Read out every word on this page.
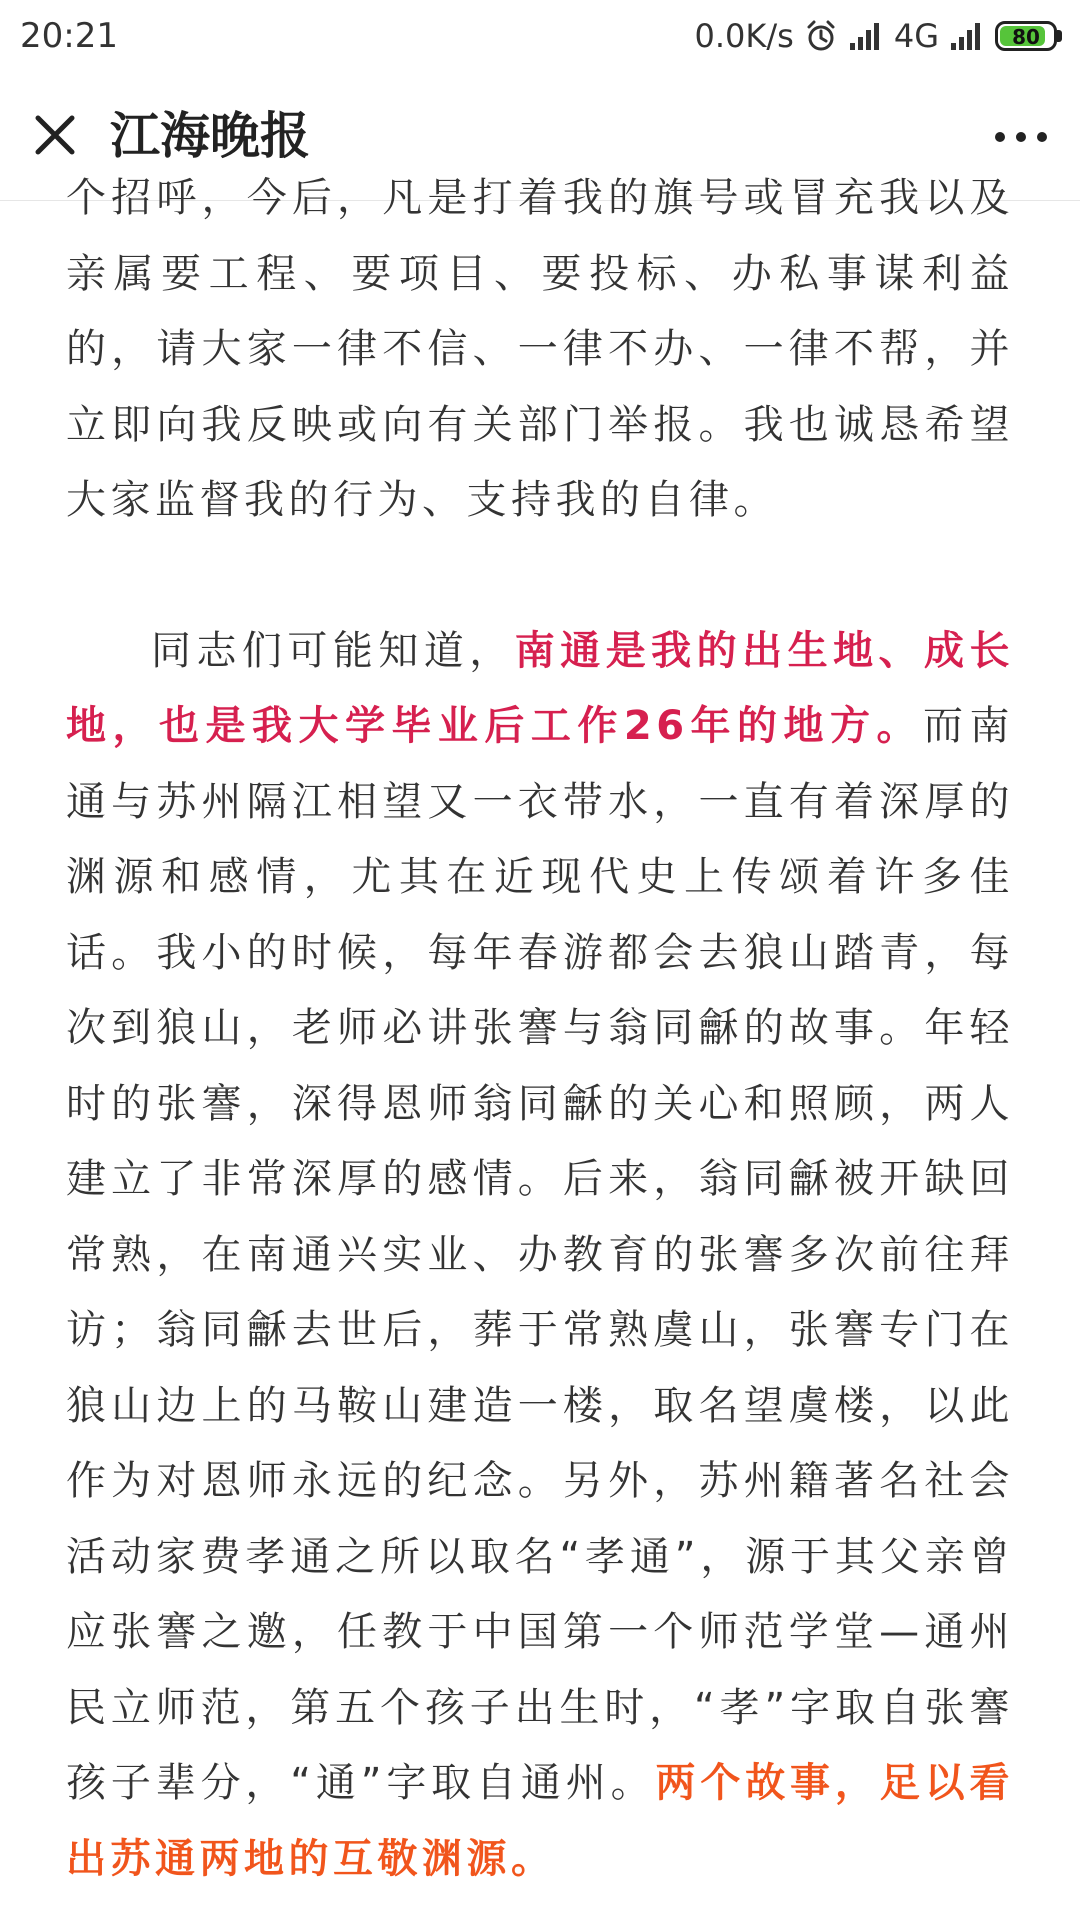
20:21	0.0K/s	4G	80
江海晚报

个招呼，今后，凡是打着我的旗号或冒充我以及亲属要工程、要项目、要投标、办私事谋利益的，请大家一律不信、一律不办、一律不帮，并立即向我反映或向有关部门举报。我也诚恳希望大家监督我的行为、支持我的自律。

同志们可能知道，南通是我的出生地、成长地，也是我大学毕业后工作26年的地方。而南通与苏州隔江相望又一衣带水，一直有着深厚的渊源和感情，尤其在近现代史上传颂着许多佳话。我小的时候，每年春游都会去狼山踏青，每次到狼山，老师必讲张謇与翁同龢的故事。年轻时的张謇，深得恩师翁同龢的关心和照顾，两人建立了非常深厚的感情。后来，翁同龢被开缺回常熟，在南通兴实业、办教育的张謇多次前往拜访；翁同龢去世后，葬于常熟虞山，张謇专门在狼山边上的马鞍山建造一楼，取名望虞楼，以此作为对恩师永远的纪念。另外，苏州籍著名社会活动家费孝通之所以取名“孝通”，源于其父亲曾应张謇之邀，任教于中国第一个师范学堂—通州民立师范，第五个孩子出生时，“孝”字取自张謇孩子辈分，“通”字取自通州。两个故事，足以看出苏通两地的互敬渊源。
